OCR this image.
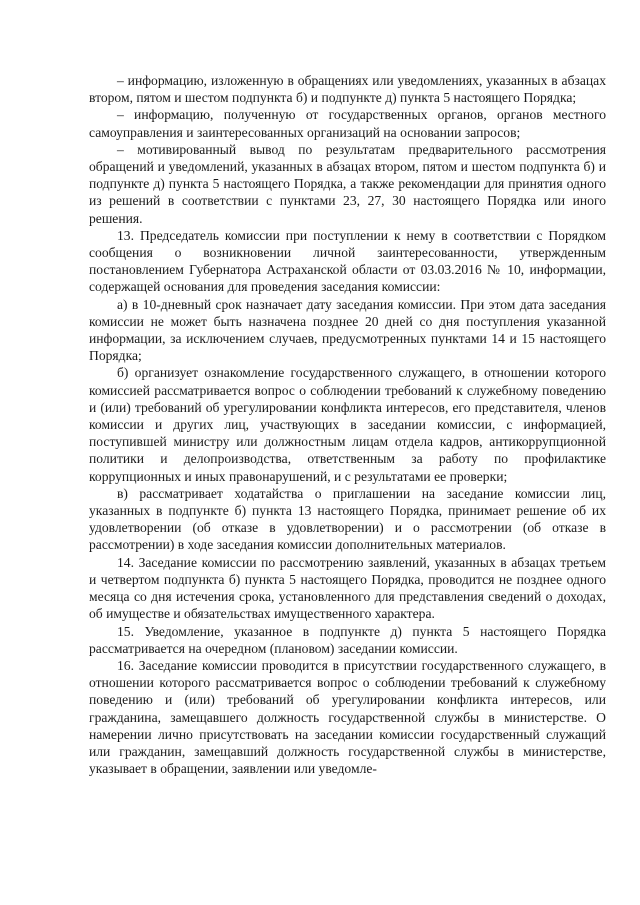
– информацию, изложенную в обращениях или уведомлениях, указанных в абзацах втором, пятом и шестом подпункта б) и подпункте д) пункта 5 настоящего Порядка;

– информацию, полученную от государственных органов, органов местного самоуправления и заинтересованных организаций на основании запросов;

– мотивированный вывод по результатам предварительного рассмотрения обращений и уведомлений, указанных в абзацах втором, пятом и шестом подпункта б) и подпункте д) пункта 5 настоящего Порядка, а также рекомендации для принятия одного из решений в соответствии с пунктами 23, 27, 30 настоящего Порядка или иного решения.

13. Председатель комиссии при поступлении к нему в соответствии с Порядком сообщения о возникновении личной заинтересованности, утвержденным постановлением Губернатора Астраханской области от 03.03.2016 № 10, информации, содержащей основания для проведения заседания комиссии:

а) в 10-дневный срок назначает дату заседания комиссии. При этом дата заседания комиссии не может быть назначена позднее 20 дней со дня поступления указанной информации, за исключением случаев, предусмотренных пунктами 14 и 15 настоящего Порядка;

б) организует ознакомление государственного служащего, в отношении которого комиссией рассматривается вопрос о соблюдении требований к служебному поведению и (или) требований об урегулировании конфликта интересов, его представителя, членов комиссии и других лиц, участвующих в заседании комиссии, с информацией, поступившей министру или должностным лицам отдела кадров, антикоррупционной политики и делопроизводства, ответственным за работу по профилактике коррупционных и иных правонарушений, и с результатами ее проверки;

в) рассматривает ходатайства о приглашении на заседание комиссии лиц, указанных в подпункте б) пункта 13 настоящего Порядка, принимает решение об их удовлетворении (об отказе в удовлетворении) и о рассмотрении (об отказе в рассмотрении) в ходе заседания комиссии дополнительных материалов.

14. Заседание комиссии по рассмотрению заявлений, указанных в абзацах третьем и четвертом подпункта б) пункта 5 настоящего Порядка, проводится не позднее одного месяца со дня истечения срока, установленного для представления сведений о доходах, об имуществе и обязательствах имущественного характера.

15. Уведомление, указанное в подпункте д) пункта 5 настоящего Порядка рассматривается на очередном (плановом) заседании комиссии.

16. Заседание комиссии проводится в присутствии государственного служащего, в отношении которого рассматривается вопрос о соблюдении требований к служебному поведению и (или) требований об урегулировании конфликта интересов, или гражданина, замещавшего должность государственной службы в министерстве. О намерении лично присутствовать на заседании комиссии государственный служащий или гражданин, замещавший должность государственной службы в министерстве, указывает в обращении, заявлении или уведомле-
